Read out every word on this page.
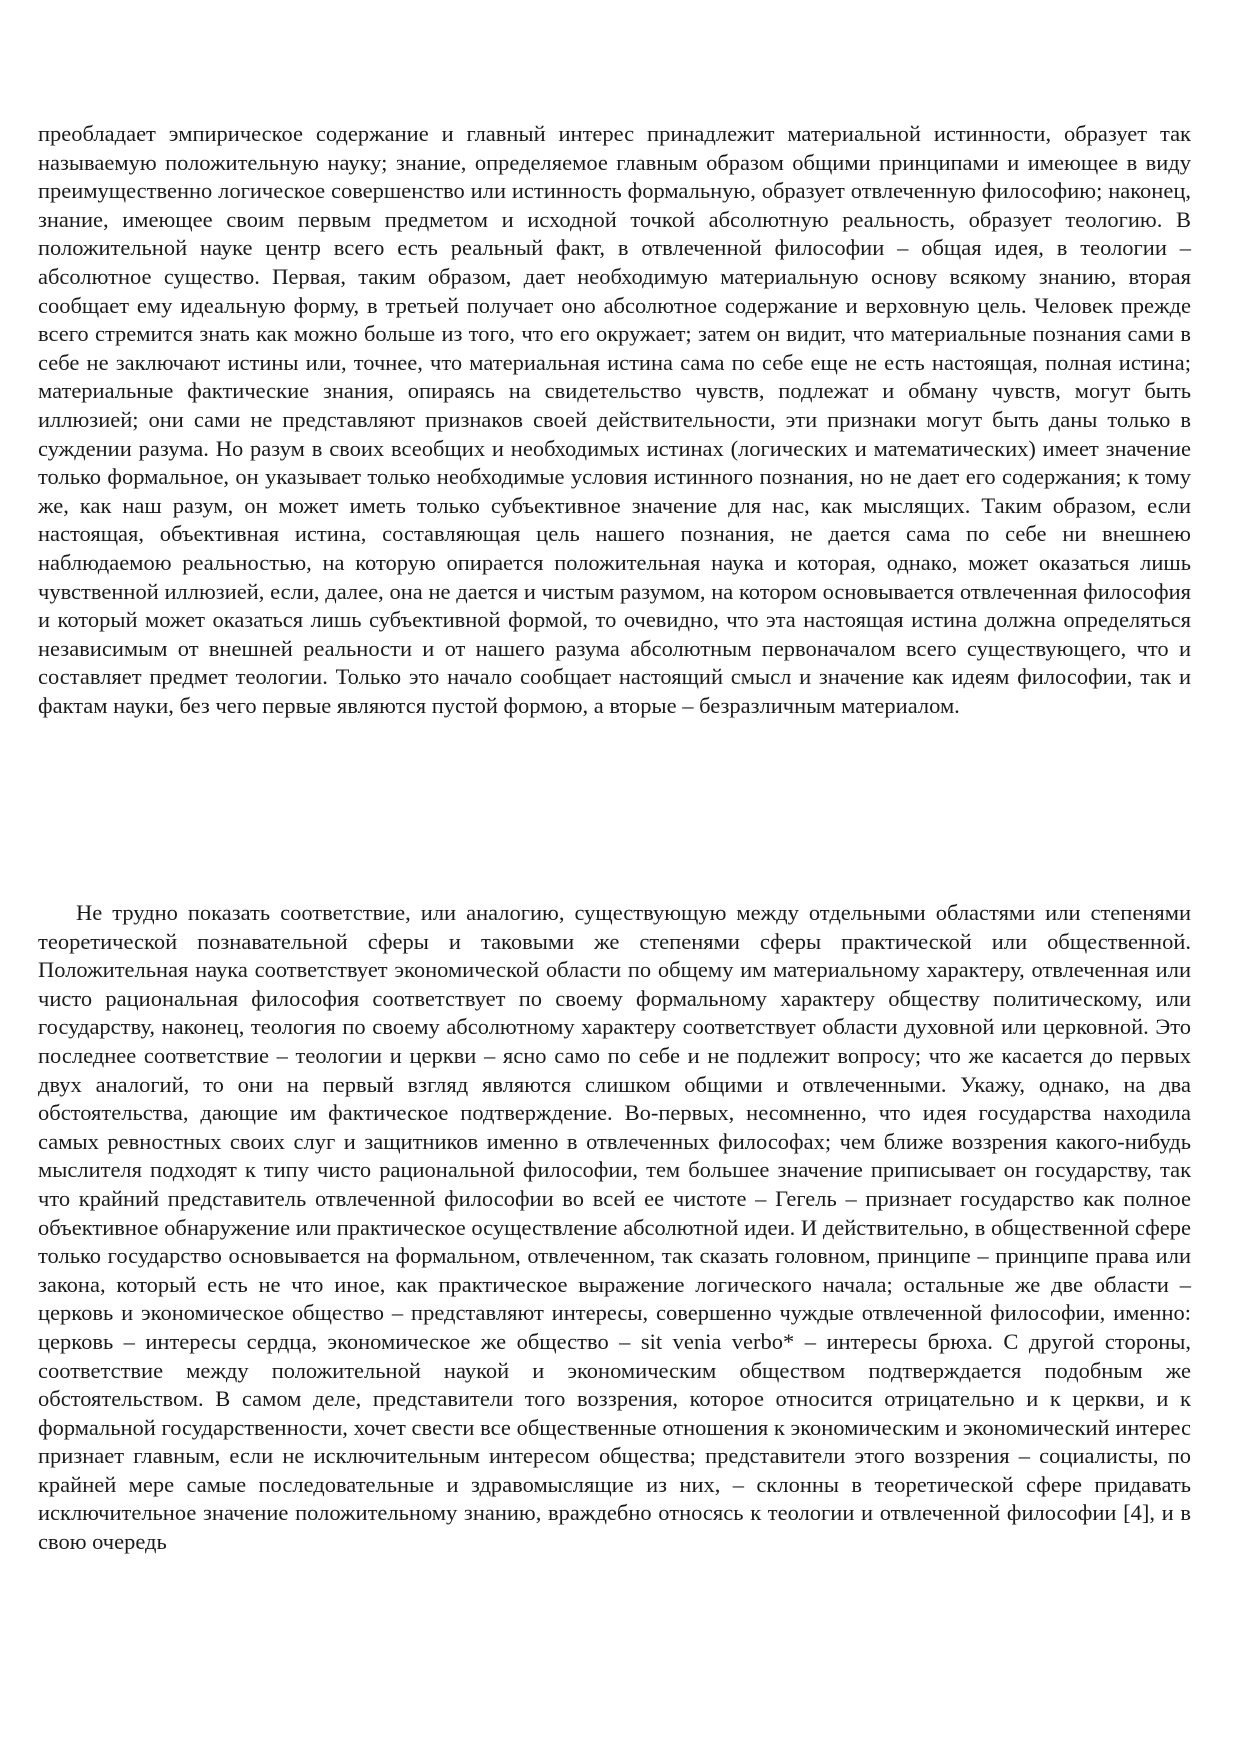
преобладает эмпирическое содержание и главный интерес принадлежит материальной истинности, образует так называемую положительную науку; знание, определяемое главным образом общими принципами и имеющее в виду преимущественно логическое совершенство или истинность формальную, образует отвлеченную философию; наконец, знание, имеющее своим первым предметом и исходной точкой абсолютную реальность, образует теологию. В положительной науке центр всего есть реальный факт, в отвлеченной философии – общая идея, в теологии – абсолютное существо. Первая, таким образом, дает необходимую материальную основу всякому знанию, вторая сообщает ему идеальную форму, в третьей получает оно абсолютное содержание и верховную цель. Человек прежде всего стремится знать как можно больше из того, что его окружает; затем он видит, что материальные познания сами в себе не заключают истины или, точнее, что материальная истина сама по себе еще не есть настоящая, полная истина; материальные фактические знания, опираясь на свидетельство чувств, подлежат и обману чувств, могут быть иллюзией; они сами не представляют признаков своей действительности, эти признаки могут быть даны только в суждении разума. Но разум в своих всеобщих и необходимых истинах (логических и математических) имеет значение только формальное, он указывает только необходимые условия истинного познания, но не дает его содержания; к тому же, как наш разум, он может иметь только субъективное значение для нас, как мыслящих. Таким образом, если настоящая, объективная истина, составляющая цель нашего познания, не дается сама по себе ни внешнею наблюдаемою реальностью, на которую опирается положительная наука и которая, однако, может оказаться лишь чувственной иллюзией, если, далее, она не дается и чистым разумом, на котором основывается отвлеченная философия и который может оказаться лишь субъективной формой, то очевидно, что эта настоящая истина должна определяться независимым от внешней реальности и от нашего разума абсолютным первоначалом всего существующего, что и составляет предмет теологии. Только это начало сообщает настоящий смысл и значение как идеям философии, так и фактам науки, без чего первые являются пустой формою, а вторые – безразличным материалом.

Не трудно показать соответствие, или аналогию, существующую между отдельными областями или степенями теоретической познавательной сферы и таковыми же степенями сферы практической или общественной. Положительная наука соответствует экономической области по общему им материальному характеру, отвлеченная или чисто рациональная философия соответствует по своему формальному характеру обществу политическому, или государству, наконец, теология по своему абсолютному характеру соответствует области духовной или церковной. Это последнее соответствие – теологии и церкви – ясно само по себе и не подлежит вопросу; что же касается до первых двух аналогий, то они на первый взгляд являются слишком общими и отвлеченными. Укажу, однако, на два обстоятельства, дающие им фактическое подтверждение. Во-первых, несомненно, что идея государства находила самых ревностных своих слуг и защитников именно в отвлеченных философах; чем ближе воззрения какого-нибудь мыслителя подходят к типу чисто рациональной философии, тем большее значение приписывает он государству, так что крайний представитель отвлеченной философии во всей ее чистоте – Гегель – признает государство как полное объективное обнаружение или практическое осуществление абсолютной идеи. И действительно, в общественной сфере только государство основывается на формальном, отвлеченном, так сказать головном, принципе – принципе права или закона, который есть не что иное, как практическое выражение логического начала; остальные же две области – церковь и экономическое общество – представляют интересы, совершенно чуждые отвлеченной философии, именно: церковь – интересы сердца, экономическое же общество – sit venia verbo* – интересы брюха. С другой стороны, соответствие между положительной наукой и экономическим обществом подтверждается подобным же обстоятельством. В самом деле, представители того воззрения, которое относится отрицательно и к церкви, и к формальной государственности, хочет свести все общественные отношения к экономическим и экономический интерес признает главным, если не исключительным интересом общества; представители этого воззрения – социалисты, по крайней мере самые последовательные и здравомыслящие из них, – склонны в теоретической сфере придавать исключительное значение положительному знанию, враждебно относясь к теологии и отвлеченной философии [4], и в свою очередь
